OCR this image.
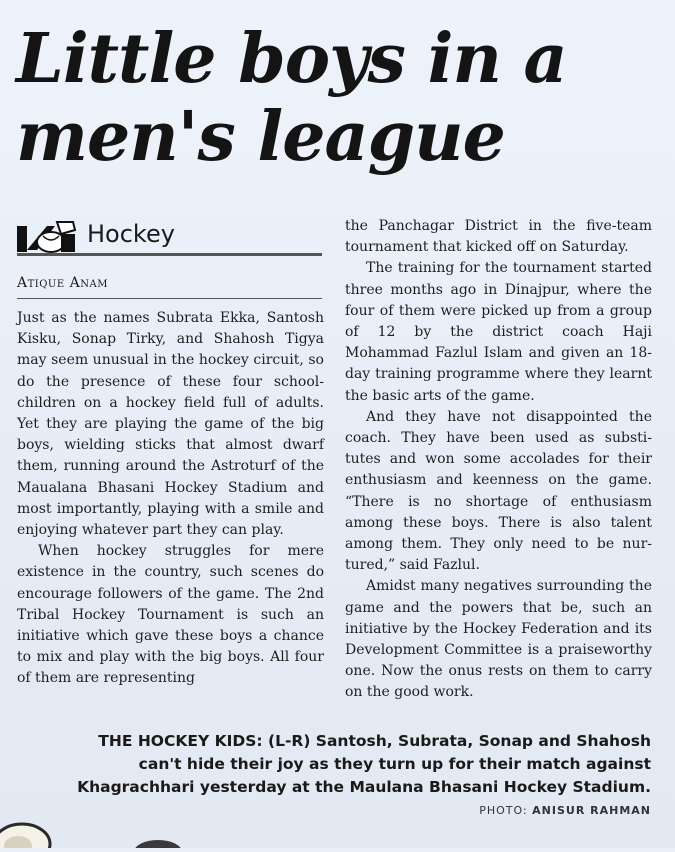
Little boys in a
men's league
Hockey
Atique Anam

Just as the names Subrata Ekka, Santosh Kisku, Sonap Tirky, and Shahosh Tigya may seem unusual in the hockey circuit, so do the presence of these four school-children on a hockey field full of adults. Yet they are playing the game of the big boys, wielding sticks that almost dwarf them, running around the Astroturf of the Maualana Bhasani Hockey Stadium and most importantly, playing with a smile and enjoying whatever part they can play.

When hockey struggles for mere existence in the country, such scenes do encourage followers of the game. The 2nd Tribal Hockey Tournament is such an initiative which gave these boys a chance to mix and play with the big boys. All four of them are representing

the Panchagar District in the five-team tournament that kicked off on Saturday.

The training for the tournament started three months ago in Dinajpur, where the four of them were picked up from a group of 12 by the district coach Haji Mohammad Fazlul Islam and given an 18-day training programme where they learnt the basic arts of the game.

And they have not disappointed the coach. They have been used as substi-tutes and won some accolades for their enthusiasm and keenness on the game. “There is no shortage of enthusiasm among these boys. There is also talent among them. They only need to be nur-tured,” said Fazlul.

Amidst many negatives surrounding the game and the powers that be, such an initiative by the Hockey Federation and its Development Committee is a praiseworthy one. Now the onus rests on them to carry on the good work.

THE HOCKEY KIDS: (L-R) Santosh, Subrata, Sonap and Shahosh can't hide their joy as they turn up for their match against Khagrachhari yesterday at the Maulana Bhasani Hockey Stadium.
PHOTO: ANISUR RAHMAN
